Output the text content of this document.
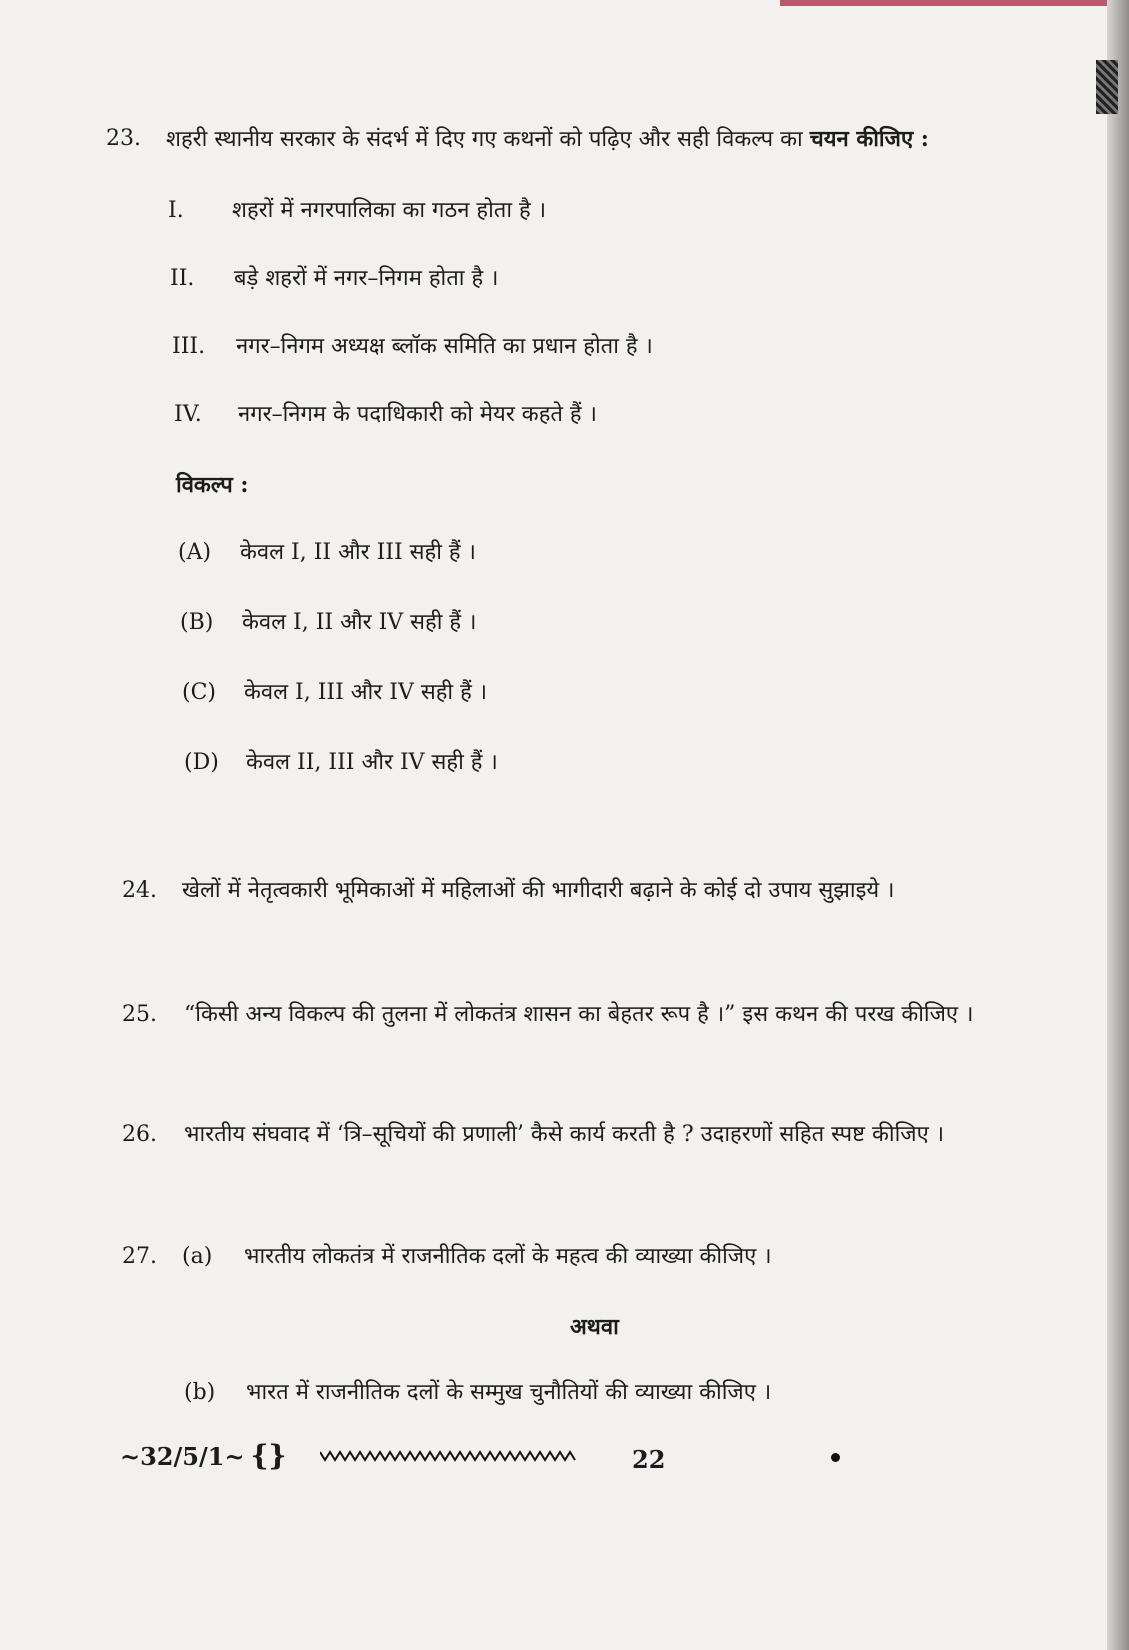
23. शहरी स्थानीय सरकार के संदर्भ में दिए गए कथनों को पढ़िए और सही विकल्प का चयन कीजिए :
I. शहरों में नगरपालिका का गठन होता है ।
II. बड़े शहरों में नगर–निगम होता है ।
III. नगर–निगम अध्यक्ष ब्लॉक समिति का प्रधान होता है ।
IV. नगर–निगम के पदाधिकारी को मेयर कहते हैं ।
विकल्प :
(A) केवल I, II और III सही हैं ।
(B) केवल I, II और IV सही हैं ।
(C) केवल I, III और IV सही हैं ।
(D) केवल II, III और IV सही हैं ।
24. खेलों में नेतृत्वकारी भूमिकाओं में महिलाओं की भागीदारी बढ़ाने के कोई दो उपाय सुझाइये ।
25. “किसी अन्य विकल्प की तुलना में लोकतंत्र शासन का बेहतर रूप है ।” इस कथन की परख कीजिए ।
26. भारतीय संघवाद में ‘त्रि–सूचियों की प्रणाली’ कैसे कार्य करती है ? उदाहरणों सहित स्पष्ट कीजिए ।
27. (a) भारतीय लोकतंत्र में राजनीतिक दलों के महत्व की व्याख्या कीजिए ।
अथवा
(b) भारत में राजनीतिक दलों के सम्मुख चुनौतियों की व्याख्या कीजिए ।
~32/5/1~ {}	22
